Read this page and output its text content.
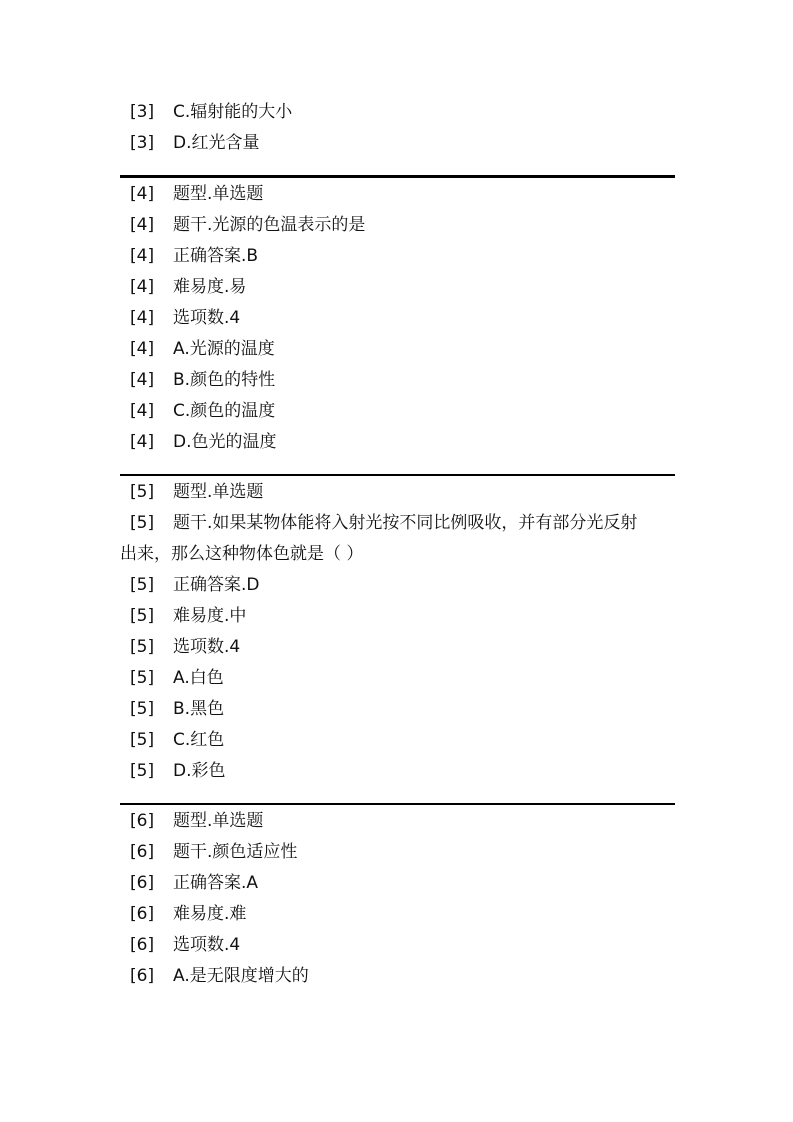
[3] C.辐射能的大小
[3] D.红光含量
[4] 题型.单选题
[4] 题干.光源的色温表示的是
[4] 正确答案.B
[4] 难易度.易
[4] 选项数.4
[4] A.光源的温度
[4] B.颜色的特性
[4] C.颜色的温度
[4] D.色光的温度
[5] 题型.单选题
[5] 题干.如果某物体能将入射光按不同比例吸收，并有部分光反射
出来，那么这种物体色就是（ ）
[5] 正确答案.D
[5] 难易度.中
[5] 选项数.4
[5] A.白色
[5] B.黑色
[5] C.红色
[5] D.彩色
[6] 题型.单选题
[6] 题干.颜色适应性
[6] 正确答案.A
[6] 难易度.难
[6] 选项数.4
[6] A.是无限度增大的
